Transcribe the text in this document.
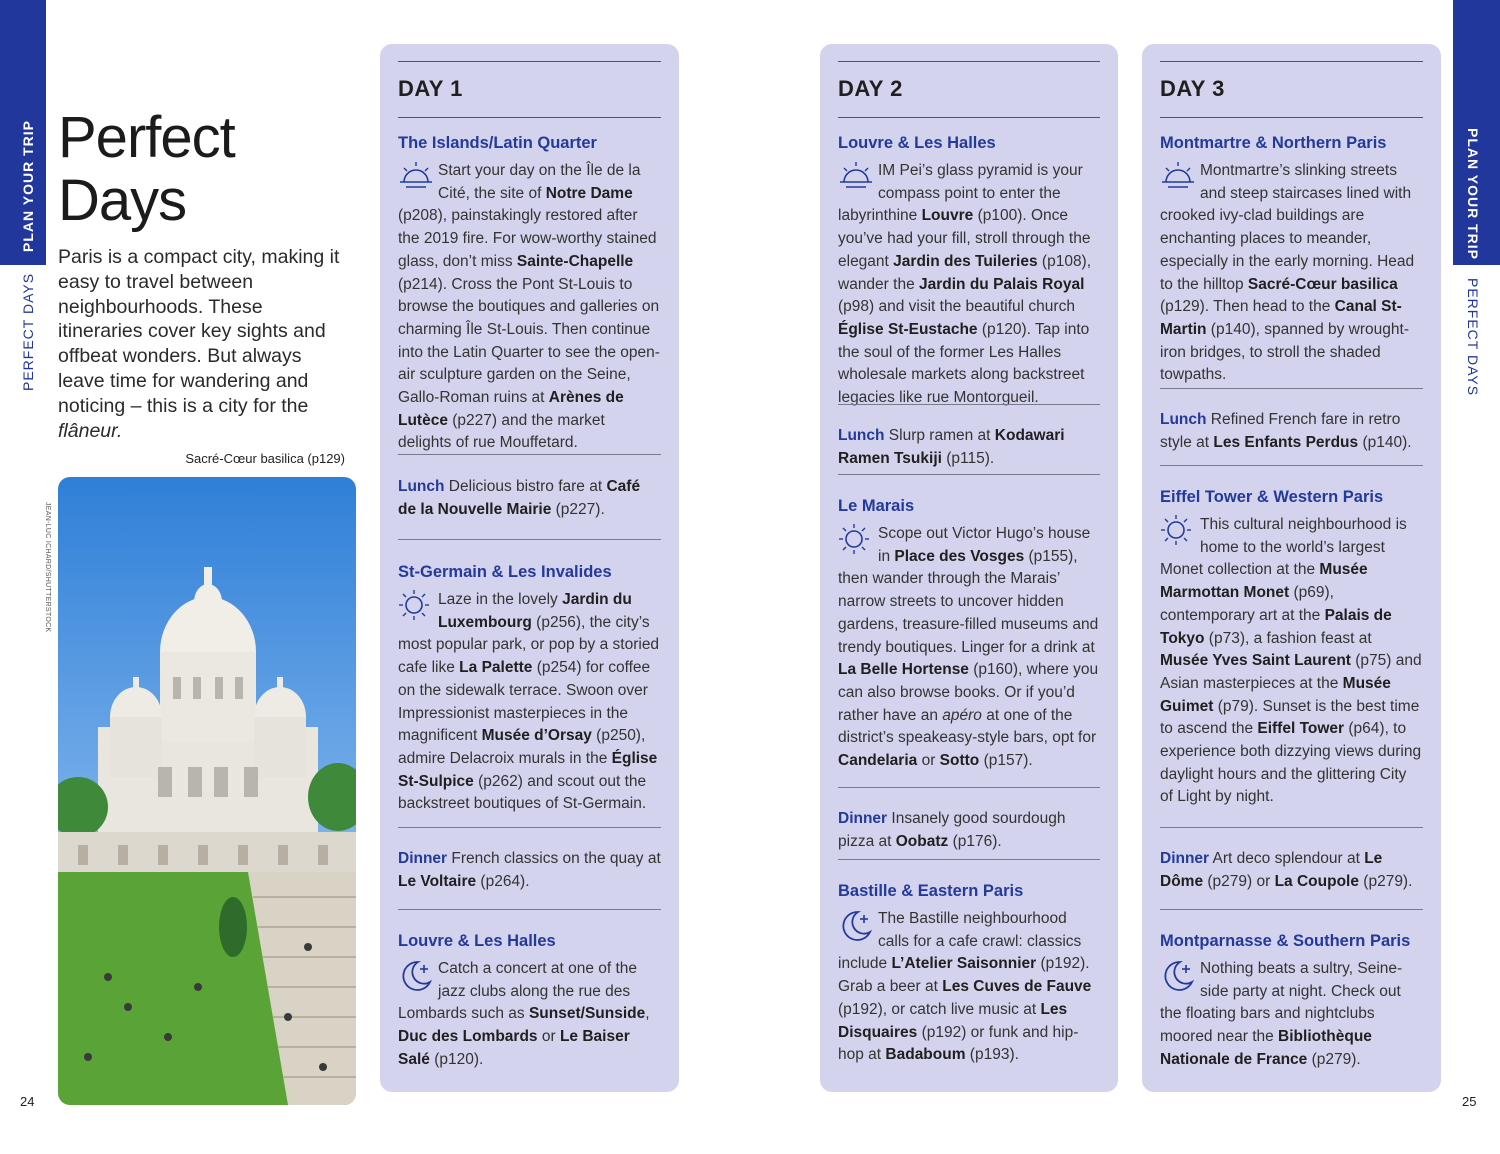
PLAN YOUR TRIP
PERFECT DAYS
PLAN YOUR TRIP
PERFECT DAYS
24	25
Perfect
Days
Paris is a compact city, making it easy to travel between neighbourhoods. These itineraries cover key sights and offbeat wonders. But always leave time for wandering and noticing – this is a city for the flâneur.
Sacré-Cœur basilica (p129)
JEAN-LUC ICHARD/SHUTTERSTOCK
DAY 1
The Islands/Latin Quarter
Start your day on the Île de la Cité, the site of Notre Dame (p208), painstakingly restored after the 2019 fire. For wow-worthy stained glass, don’t miss Sainte-Chapelle (p214). Cross the Pont St-Louis to browse the boutiques and galleries on charming Île St-Louis. Then continue into the Latin Quarter to see the open-air sculpture garden on the Seine, Gallo-Roman ruins at Arènes de Lutèce (p227) and the market delights of rue Mouffetard.
Lunch Delicious bistro fare at Café de la Nouvelle Mairie (p227).
St-Germain & Les Invalides
Laze in the lovely Jardin du Luxembourg (p256), the city’s most popular park, or pop by a storied cafe like La Palette (p254) for coffee on the sidewalk terrace. Swoon over Impressionist masterpieces in the magnificent Musée d’Orsay (p250), admire Delacroix murals in the Église St-Sulpice (p262) and scout out the backstreet boutiques of St-Germain.
Dinner French classics on the quay at Le Voltaire (p264).
Louvre & Les Halles
Catch a concert at one of the jazz clubs along the rue des Lombards such as Sunset/Sunside, Duc des Lombards or Le Baiser Salé (p120).
DAY 2
Louvre & Les Halles
IM Pei’s glass pyramid is your compass point to enter the labyrinthine Louvre (p100). Once you’ve had your fill, stroll through the elegant Jardin des Tuileries (p108), wander the Jardin du Palais Royal (p98) and visit the beautiful church Église St-Eustache (p120). Tap into the soul of the former Les Halles wholesale markets along backstreet legacies like rue Montorgueil.
Lunch Slurp ramen at Kodawari Ramen Tsukiji (p115).
Le Marais
Scope out Victor Hugo’s house in Place des Vosges (p155), then wander through the Marais’ narrow streets to uncover hidden gardens, treasure-filled museums and trendy boutiques. Linger for a drink at La Belle Hortense (p160), where you can also browse books. Or if you’d rather have an apéro at one of the district’s speakeasy-style bars, opt for Candelaria or Sotto (p157).
Dinner Insanely good sourdough pizza at Oobatz (p176).
Bastille & Eastern Paris
The Bastille neighbourhood calls for a cafe crawl: classics include L’Atelier Saisonnier (p192). Grab a beer at Les Cuves de Fauve (p192), or catch live music at Les Disquaires (p192) or funk and hip-hop at Badaboum (p193).
DAY 3
Montmartre & Northern Paris
Montmartre’s slinking streets and steep staircases lined with crooked ivy-clad buildings are enchanting places to meander, especially in the early morning. Head to the hilltop Sacré-Cœur basilica (p129). Then head to the Canal St-Martin (p140), spanned by wrought-iron bridges, to stroll the shaded towpaths.
Lunch Refined French fare in retro style at Les Enfants Perdus (p140).
Eiffel Tower & Western Paris
This cultural neighbourhood is home to the world’s largest Monet collection at the Musée Marmottan Monet (p69), contemporary art at the Palais de Tokyo (p73), a fashion feast at Musée Yves Saint Laurent (p75) and Asian masterpieces at the Musée Guimet (p79). Sunset is the best time to ascend the Eiffel Tower (p64), to experience both dizzying views during daylight hours and the glittering City of Light by night.
Dinner Art deco splendour at Le Dôme (p279) or La Coupole (p279).
Montparnasse & Southern Paris
Nothing beats a sultry, Seine-side party at night. Check out the floating bars and nightclubs moored near the Bibliothèque Nationale de France (p279).
